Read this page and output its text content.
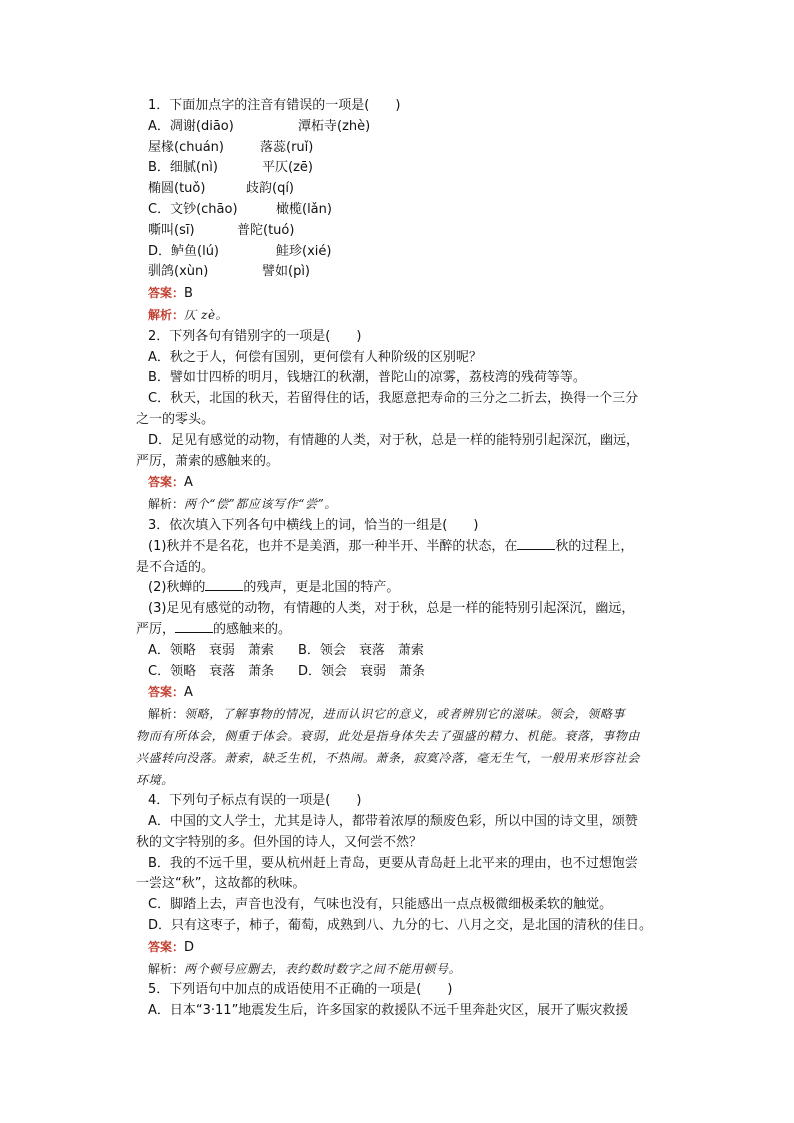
1．下面加点字的注音有错误的一项是(　　)
A．凋谢(diāo)	潭柘寺(zhè)
屋椽(chuán)	落蕊(ruǐ)
B．细腻(nì)	平仄(zē)
椭圆(tuǒ)	歧韵(qí)
C．文钞(chāo)	橄榄(lǎn)
嘶叫(sī)	普陀(tuó)
D．鲈鱼(lú)	鲑珍(xié)
驯鸽(xùn)	譬如(pì)
答案：B
解析：仄 zè。
2．下列各句有错别字的一项是(　　)
A．秋之于人，何偿有国别，更何偿有人种阶级的区别呢？
B．譬如廿四桥的明月，钱塘江的秋潮，普陀山的凉雾，荔枝湾的残荷等等。
C．秋天，北国的秋天，若留得住的话，我愿意把寿命的三分之二折去，换得一个三分
之一的零头。
D．足见有感觉的动物，有情趣的人类，对于秋，总是一样的能特别引起深沉，幽远，
严厉，萧索的感触来的。
答案：A
解析：两个“偿”都应该写作“尝”。
3．依次填入下列各句中横线上的词，恰当的一组是(　　)
(1)秋并不是名花，也并不是美酒，那一种半开、半醉的状态，在	秋的过程上，
是不合适的。
(2)秋蝉的	的残声，更是北国的特产。
(3)足见有感觉的动物，有情趣的人类，对于秋，总是一样的能特别引起深沉，幽远，
严厉，	的感触来的。
A．领略　衰弱　萧索 B．领会　衰落　萧索
C．领略　衰落　萧条 D．领会　衰弱　萧条
答案：A
解析：领略，了解事物的情况，进而认识它的意义，或者辨别它的滋味。领会，领略事
物而有所体会，侧重于体会。衰弱，此处是指身体失去了强盛的精力、机能。衰落，事物由
兴盛转向没落。萧索，缺乏生机，不热闹。萧条，寂寞冷落，毫无生气，一般用来形容社会
环境。
4．下列句子标点有误的一项是(　　)
A．中国的文人学士，尤其是诗人，都带着浓厚的颓废色彩，所以中国的诗文里，颂赞
秋的文字特别的多。但外国的诗人，又何尝不然？
B．我的不远千里，要从杭州赶上青岛，更要从青岛赶上北平来的理由，也不过想饱尝
一尝这“秋”，这故都的秋味。
C．脚踏上去，声音也没有，气味也没有，只能感出一点点极微细极柔软的触觉。
D．只有这枣子，柿子，葡萄，成熟到八、九分的七、八月之交，是北国的清秋的佳日。
答案：D
解析：两个顿号应删去，表约数时数字之间不能用顿号。
5．下列语句中加点的成语使用不正确的一项是(　　)
A．日本“3·11”地震发生后，许多国家的救援队不远千里奔赴灾区，展开了赈灾救援
